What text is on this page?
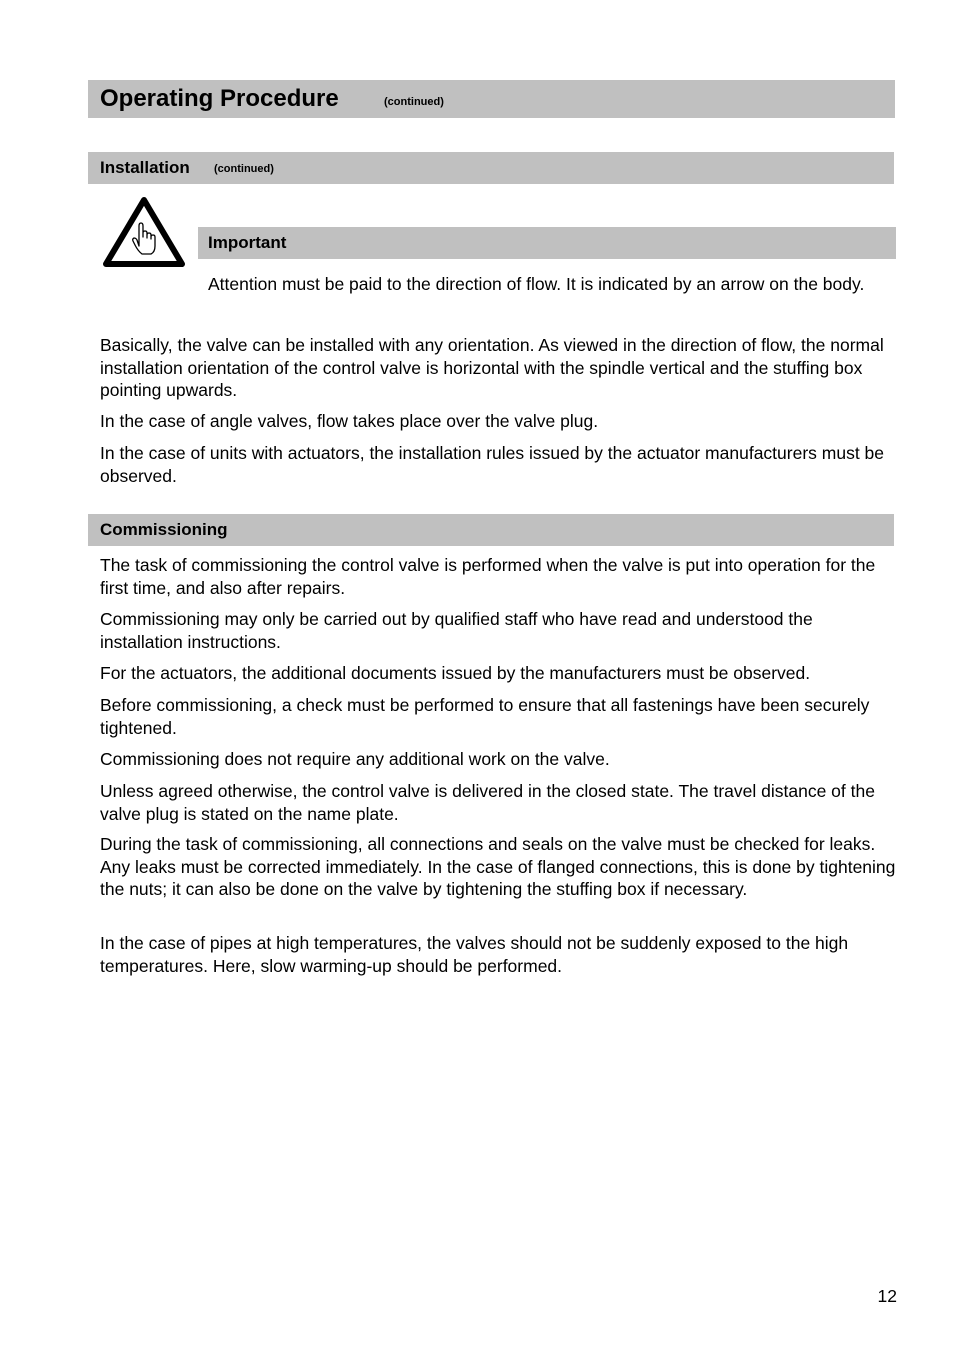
Operating Procedure	(continued)
Installation (continued)
Important

Attention must be paid to the direction of flow. It is indicated by an arrow on the body.

Basically, the valve can be installed with any orientation. As viewed in the direction of flow, the normal installation orientation of the control valve is horizontal with the spindle vertical and the stuffing box pointing upwards.

In the case of angle valves, flow takes place over the valve plug.

In the case of units with actuators, the installation rules issued by the actuator manufacturers must be observed.

Commissioning

The task of commissioning the control valve is performed when the valve is put into operation for the first time, and also after repairs.

Commissioning may only be carried out by qualified staff who have read and understood the installation instructions.

For the actuators, the additional documents issued by the manufacturers must be observed.

Before commissioning, a check must be performed to ensure that all fastenings have been securely tightened.

Commissioning does not require any additional work on the valve.

Unless agreed otherwise, the control valve is delivered in the closed state. The travel distance of the valve plug is stated on the name plate.

During the task of commissioning, all connections and seals on the valve must be checked for leaks. Any leaks must be corrected immediately. In the case of flanged connections, this is done by tightening the nuts; it can also be done on the valve by tightening the stuffing box if necessary.

In the case of pipes at high temperatures, the valves should not be suddenly exposed to the high temperatures. Here, slow warming-up should be performed.

12
